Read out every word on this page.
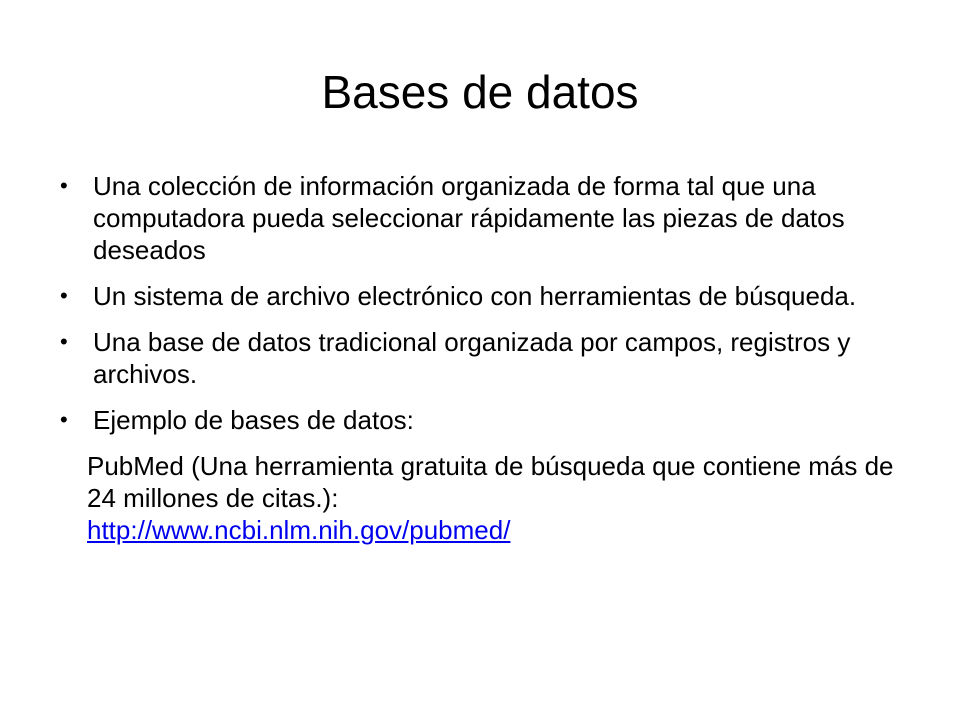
Bases de datos
• Una colección de información organizada de forma tal que una computadora pueda seleccionar rápidamente las piezas de datos deseados
• Un sistema de archivo electrónico con herramientas de búsqueda.
• Una base de datos tradicional organizada por campos, registros y archivos.
• Ejemplo de bases de datos:

PubMed (Una herramienta gratuita de búsqueda que contiene más de 24 millones de citas.):
http://www.ncbi.nlm.nih.gov/pubmed/
